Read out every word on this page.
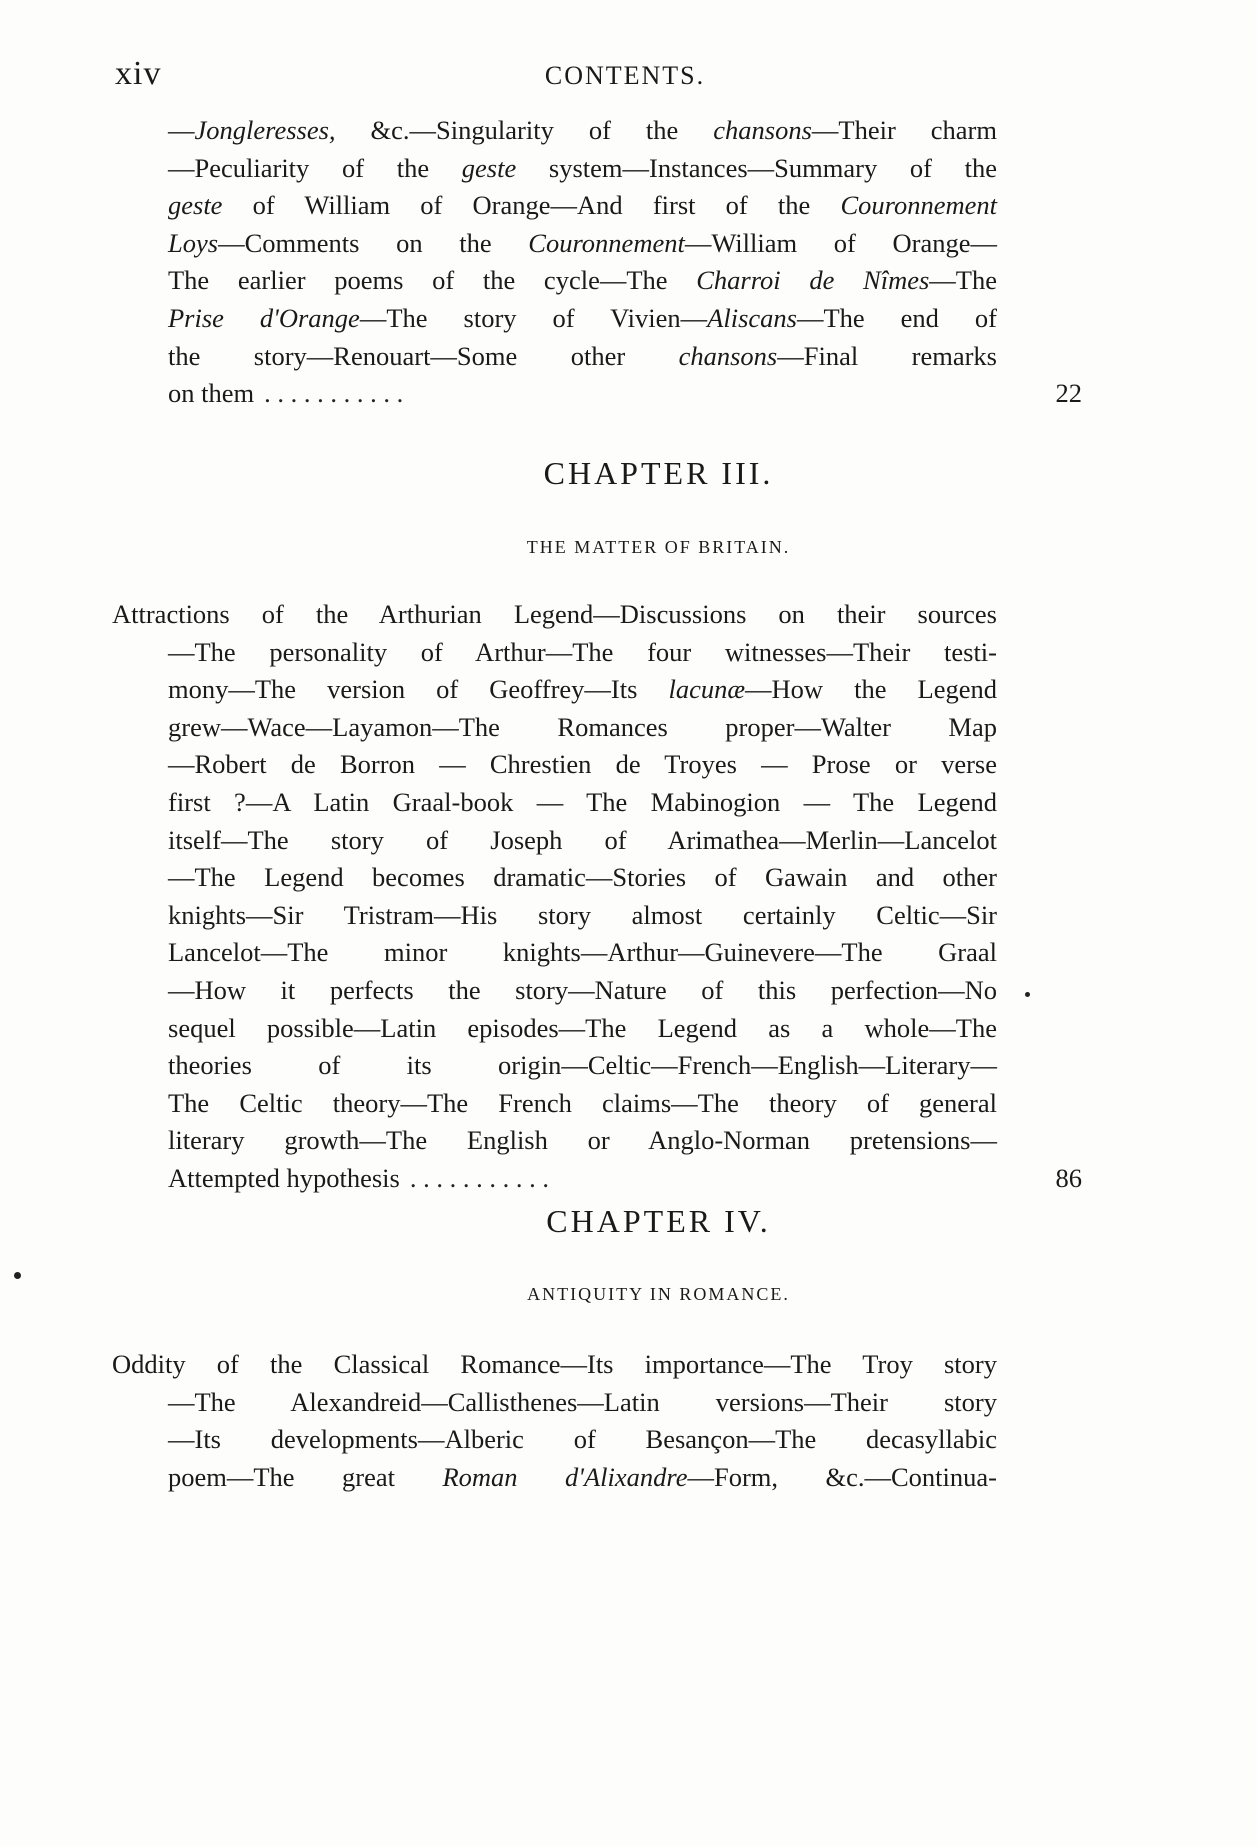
xiv	CONTENTS.

—Jongleresses, &c.—Singularity of the chansons—Their charm

—Peculiarity of the geste system—Instances—Summary of the

geste of William of Orange—And first of the Couronnement

Loys—Comments on the Couronnement—William of Orange—

The earlier poems of the cycle—The Charroi de Nîmes—The

Prise d'Orange—The story of Vivien—Aliscans—The end of

the story—Renouart—Some other chansons—Final remarks

on them . . . . . . . . . . .	22

CHAPTER III.
THE MATTER OF BRITAIN.

Attractions of the Arthurian Legend—Discussions on their sources

—The personality of Arthur—The four witnesses—Their testi-

mony—The version of Geoffrey—Its lacunæ—How the Legend

grew—Wace—Layamon—The Romances proper—Walter Map

—Robert de Borron — Chrestien de Troyes — Prose or verse

first ?—A Latin Graal-book — The Mabinogion — The Legend

itself—The story of Joseph of Arimathea—Merlin—Lancelot

—The Legend becomes dramatic—Stories of Gawain and other

knights—Sir Tristram—His story almost certainly Celtic—Sir

Lancelot—The minor knights—Arthur—Guinevere—The Graal

—How it perfects the story—Nature of this perfection—No

sequel possible—Latin episodes—The Legend as a whole—The

theories of its origin—Celtic—French—English—Literary—

The Celtic theory—The French claims—The theory of general

literary growth—The English or Anglo-Norman pretensions—

Attempted hypothesis . . . . . . . . . . .	86

CHAPTER IV.
ANTIQUITY IN ROMANCE.

Oddity of the Classical Romance—Its importance—The Troy story

—The Alexandreid—Callisthenes—Latin versions—Their story

—Its developments—Alberic of Besançon—The decasyllabic

poem—The great Roman d'Alixandre—Form, &c.—Continua-
